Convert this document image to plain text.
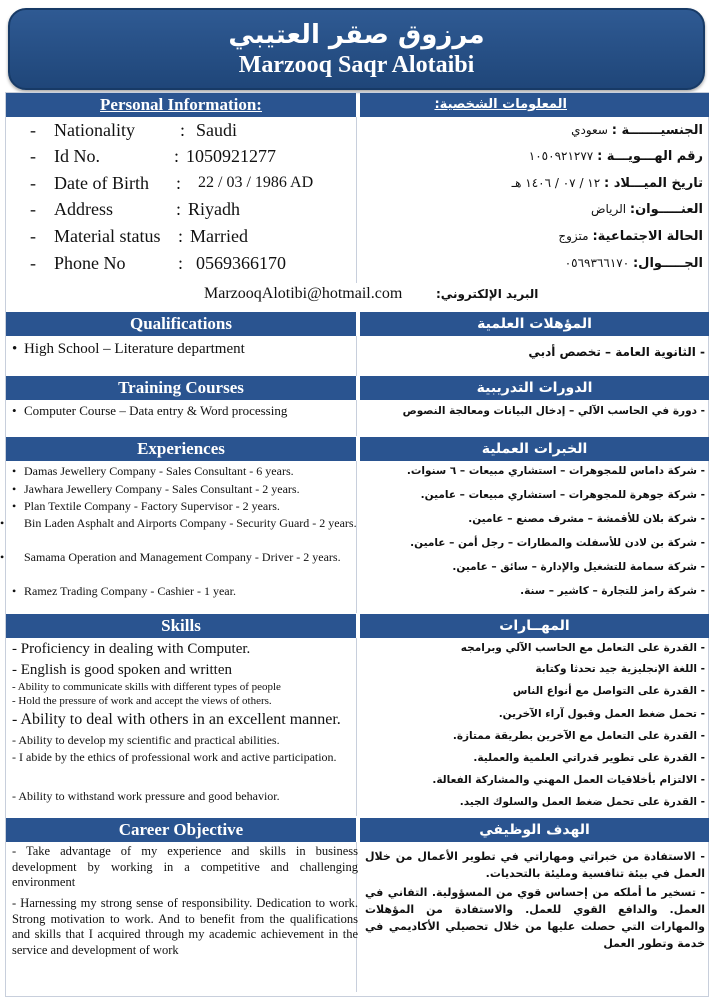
مرزوق صقر العتيبي
Marzooq Saqr Alotaibi
Personal Information:	المعلومات الشخصية:
- Nationality	: Saudi
- Id No.	: 1050921277
- Date of Birth : 22 / 03 / 1986 AD
- Address	: Riyadh
- Material status : Married
- Phone No	: 0569366170
الجنسيـــــــة : سعودي
رقم الهـــويـــة : ١٠٥٠٩٢١٢٧٧
تاريخ الميـــلاد : ١٢ / ٠٧ / ١٤٠٦ هـ
العنـــــوان: الرياض
الحالة الاجتماعية: متزوج
الجـــــوال: ٠٥٦٩٣٦٦١٧٠
MarzooqAlotibi@hotmail.com	البريد الإلكتروني:
Qualifications	المؤهلات العلمية
• High School – Literature department	- الثانوية العامة – تخصص أدبي
Training Courses	الدورات التدريبية
• Computer Course – Data entry & Word processing	- دورة في الحاسب الآلي – إدخال البيانات ومعالجة النصوص
Experiences	الخبرات العملية
• Damas Jewellery Company - Sales Consultant - 6 years.
• Jawhara Jewellery Company - Sales Consultant - 2 years.
• Plan Textile Company - Factory Supervisor - 2 years.
• Bin Laden Asphalt and Airports Company - Security Guard - 2 years.
• Samama Operation and Management Company - Driver - 2 years.
• Ramez Trading Company - Cashier - 1 year.
- شركة داماس للمجوهرات – استشاري مبيعات – ٦ سنوات.
- شركة جوهرة للمجوهرات – استشاري مبيعات – عامين.
- شركة بلان للأقمشة – مشرف مصنع – عامين.
- شركة بن لادن للأسفلت والمطارات – رجل أمن – عامين.
- شركة سمامة للتشغيل والإدارة – سائق – عامين.
- شركة رامز للتجارة – كاشير – سنة.
Skills	المهــارات
- Proficiency in dealing with Computer.
- English is good spoken and written
- Ability to communicate skills with different types of people
- Hold the pressure of work and accept the views of others.
- Ability to deal with others in an excellent manner.
- Ability to develop my scientific and practical abilities.
- I abide by the ethics of professional work and active participation.
- Ability to withstand work pressure and good behavior.
- القدرة على التعامل مع الحاسب الآلي وبرامجه
- اللغة الإنجليزية جيد تحدثا وكتابة
- القدرة على التواصل مع أنواع الناس
- تحمل ضغط العمل وقبول آراء الآخرين.
- القدرة على التعامل مع الآخرين بطريقة ممتازة.
- القدرة على تطوير قدراتي العلمية والعملية.
- الالتزام بأخلاقيات العمل المهني والمشاركة الفعالة.
- القدرة على تحمل ضغط العمل والسلوك الجيد.
Career Objective	الهدف الوظيفي
- Take advantage of my experience and skills in business development by working in a competitive and challenging environment
- Harnessing my strong sense of responsibility. Dedication to work. Strong motivation to work. And to benefit from the qualifications and skills that I acquired through my academic achievement in the service and development of work
- الاستفادة من خبراتي ومهاراتي في تطوير الأعمال من خلال العمل في بيئة تنافسية ومليئة بالتحديات.
- تسخير ما أملكه من إحساس قوي من المسؤولية. التفاني في العمل. والدافع القوي للعمل. والاستفادة من المؤهلات والمهارات التي حصلت عليها من خلال تحصيلي الأكاديمي في خدمة وتطور العمل
